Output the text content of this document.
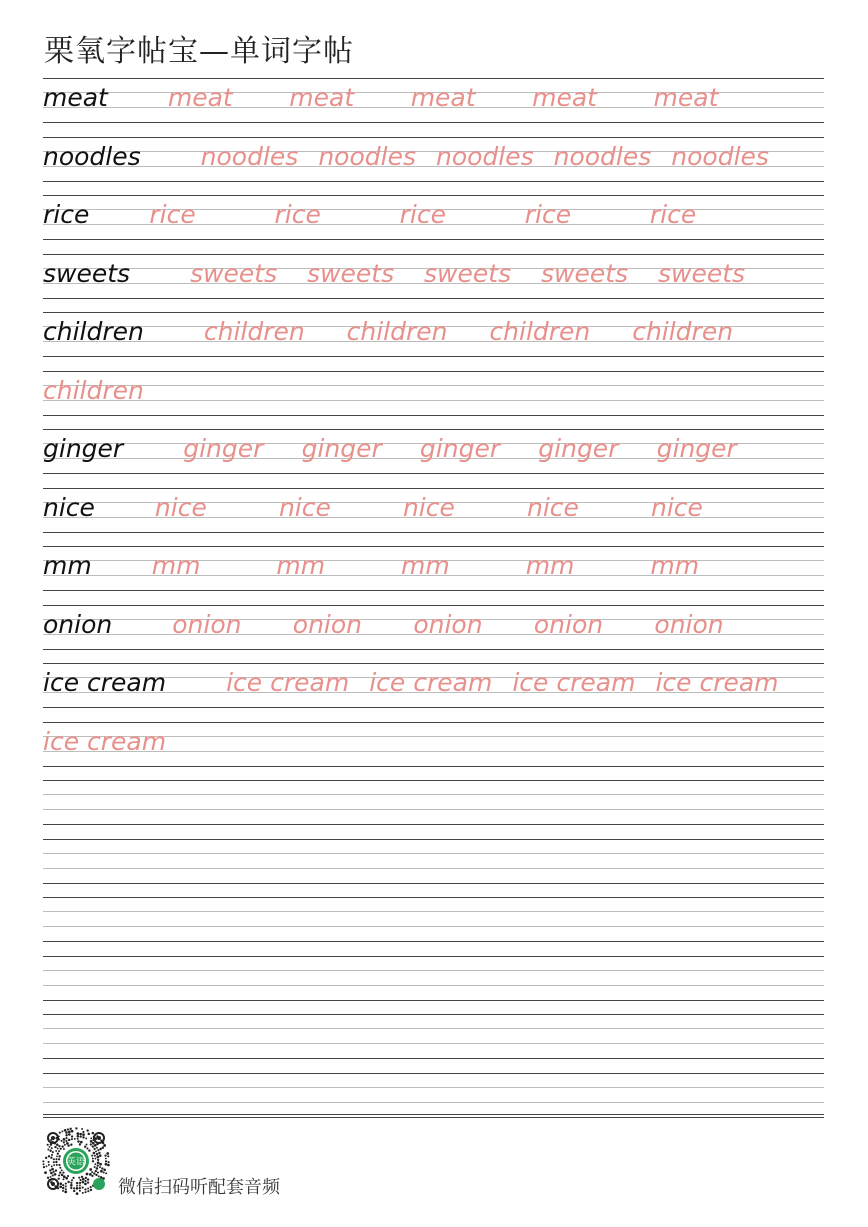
栗氧字帖宝—单词字帖
meat meat meat meat meat meat
noodles noodles noodles noodles noodles noodles
rice rice	rice	rice	rice	rice
sweets sweets sweets sweets sweets sweets
children children children children children
children
ginger ginger ginger ginger ginger ginger
nice nice	nice	nice	nice	nice
mm mm	mm	mm	mm	mm
onion onion onion onion onion onion
ice cream ice cream ice cream ice cream ice cream
ice cream
英语
微信扫码听配套音频
